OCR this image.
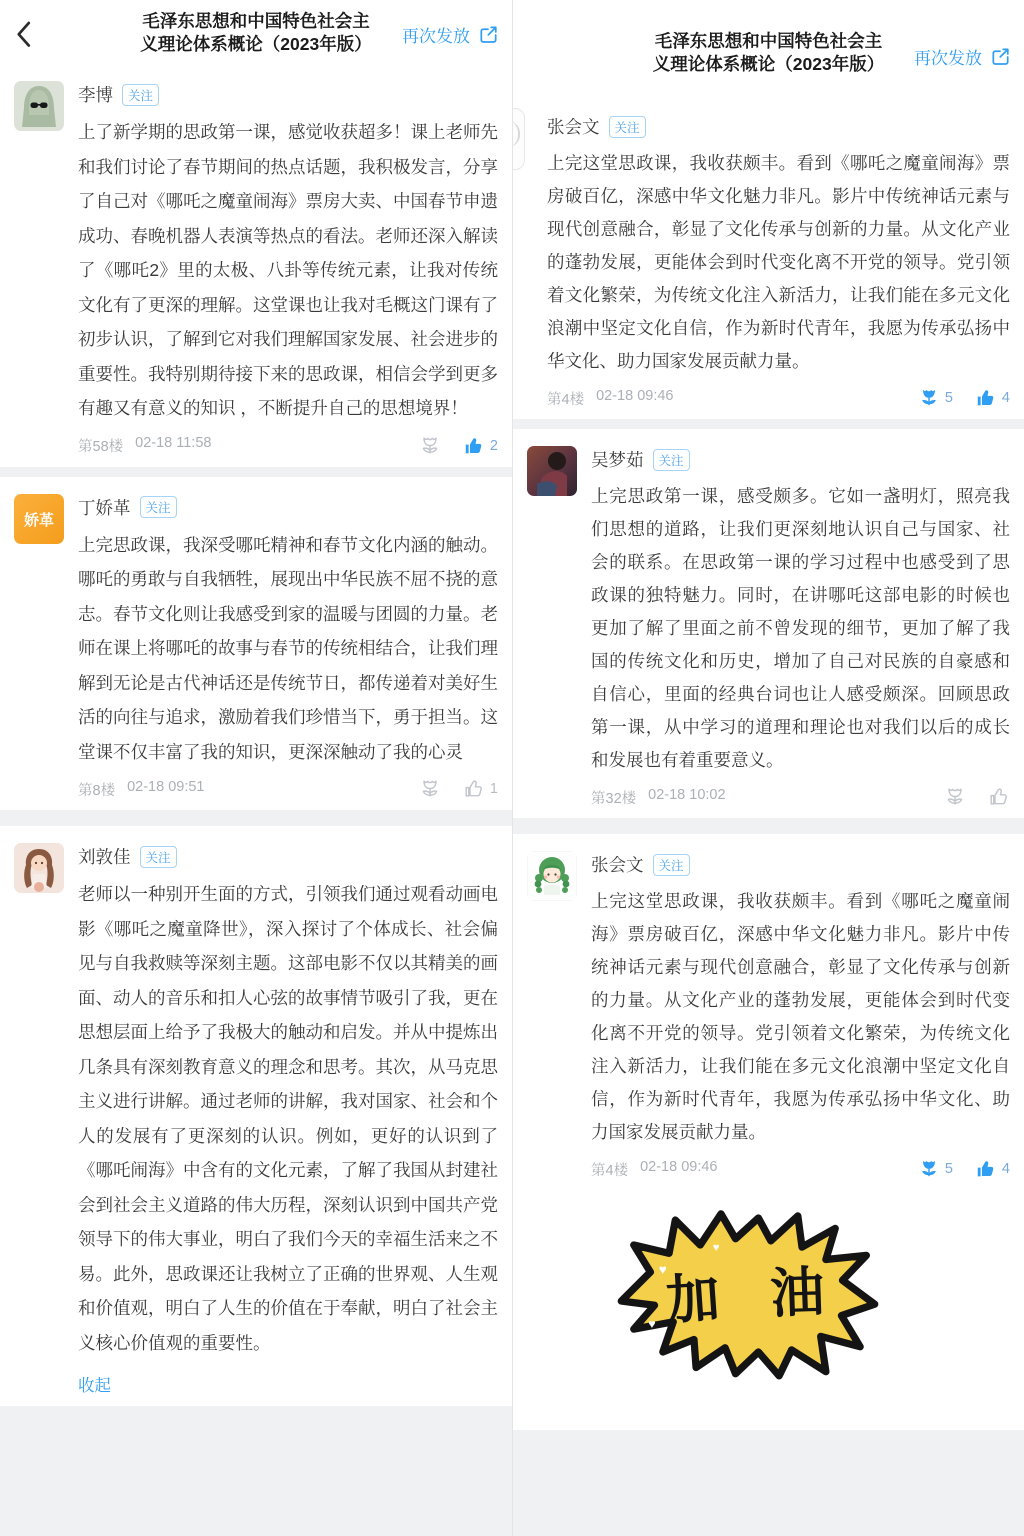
毛泽东思想和中国特色社会主
义理论体系概论（2023年版）	再次发放
李博	关注

上了新学期的思政第一课，感觉收获超多！课上老师先和我们讨论了春节期间的热点话题，我积极发言，分享了自己对《哪吒之魔童闹海》票房大卖、中国春节申遗成功、春晚机器人表演等热点的看法。老师还深入解读了《哪吒2》里的太极、八卦等传统元素，让我对传统文化有了更深的理解。这堂课也让我对毛概这门课有了初步认识，了解到它对我们理解国家发展、社会进步的重要性。我特别期待接下来的思政课，相信会学到更多有趣又有意义的知识 ，不断提升自己的思想境界！

第58楼 02-18 11:58	2
娇革
丁娇革	关注

上完思政课，我深受哪吒精神和春节文化内涵的触动。哪吒的勇敢与自我牺牲，展现出中华民族不屈不挠的意志。春节文化则让我感受到家的温暖与团圆的力量。老师在课上将哪吒的故事与春节的传统相结合，让我们理解到无论是古代神话还是传统节日，都传递着对美好生活的向往与追求，激励着我们珍惜当下，勇于担当。这堂课不仅丰富了我的知识，更深深触动了我的心灵

第8楼 02-18 09:51	1
刘敦佳	关注

老师以一种别开生面的方式，引领我们通过观看动画电影《哪吒之魔童降世》，深入探讨了个体成长、社会偏见与自我救赎等深刻主题。这部电影不仅以其精美的画面、动人的音乐和扣人心弦的故事情节吸引了我，更在思想层面上给予了我极大的触动和启发。并从中提炼出几条具有深刻教育意义的理念和思考。其次，从马克思主义进行讲解。通过老师的讲解，我对国家、社会和个人的发展有了更深刻的认识。例如，更好的认识到了《哪吒闹海》中含有的文化元素，了解了我国从封建社会到社会主义道路的伟大历程，深刻认识到中国共产党领导下的伟大事业，明白了我们今天的幸福生活来之不易。此外，思政课还让我树立了正确的世界观、人生观和价值观，明白了人生的价值在于奉献，明白了社会主义核心价值观的重要性。

收起
毛泽东思想和中国特色社会主
义理论体系概论（2023年版）	再次发放
张会文	关注

上完这堂思政课，我收获颇丰。看到《哪吒之魔童闹海》票房破百亿，深感中华文化魅力非凡。影片中传统神话元素与现代创意融合，彰显了文化传承与创新的力量。从文化产业的蓬勃发展，更能体会到时代变化离不开党的领导。党引领着文化繁荣，为传统文化注入新活力，让我们能在多元文化浪潮中坚定文化自信，作为新时代青年，我愿为传承弘扬中华文化、助力国家发展贡献力量。

第4楼 02-18 09:46	5	4
吴梦茹	关注

上完思政第一课，感受颇多。它如一盏明灯，照亮我们思想的道路，让我们更深刻地认识自己与国家、社会的联系。在思政第一课的学习过程中也感受到了思政课的独特魅力。同时，在讲哪吒这部电影的时候也更加了解了里面之前不曾发现的细节，更加了解了我国的传统文化和历史，增加了自己对民族的自豪感和自信心，里面的经典台词也让人感受颇深。回顾思政第一课，从中学习的道理和理论也对我们以后的成长和发展也有着重要意义。

第32楼 02-18 10:02
张会文	关注

上完这堂思政课，我收获颇丰。看到《哪吒之魔童闹海》票房破百亿，深感中华文化魅力非凡。影片中传统神话元素与现代创意融合，彰显了文化传承与创新的力量。从文化产业的蓬勃发展，更能体会到时代变化离不开党的领导。党引领着文化繁荣，为传统文化注入新活力，让我们能在多元文化浪潮中坚定文化自信，作为新时代青年，我愿为传承弘扬中华文化、助力国家发展贡献力量。

第4楼 02-18 09:46	5	4
加 油
♥
♥
♥
♥
